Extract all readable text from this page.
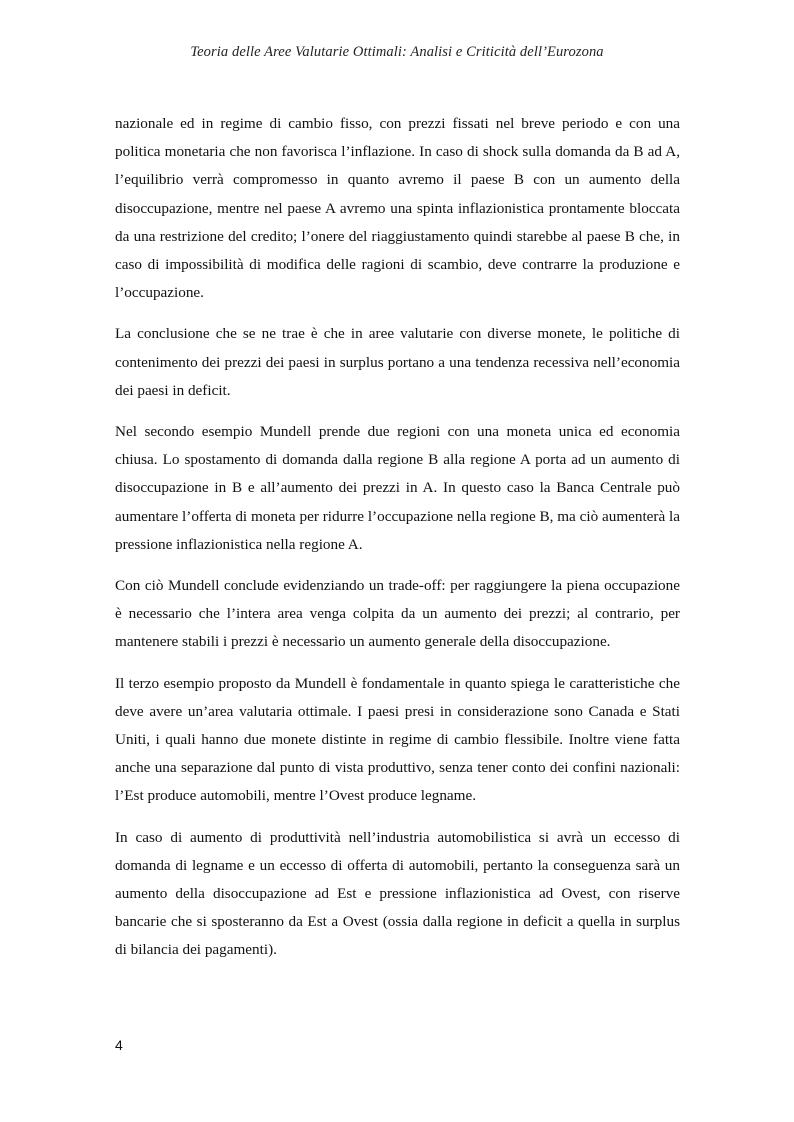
Teoria delle Aree Valutarie Ottimali: Analisi e Criticità dell’Eurozona

nazionale ed in regime di cambio fisso, con prezzi fissati nel breve periodo e con una politica monetaria che non favorisca l’inflazione. In caso di shock sulla domanda da B ad A, l’equilibrio verrà compromesso in quanto avremo il paese B con un aumento della disoccupazione, mentre nel paese A avremo una spinta inflazionistica prontamente bloccata da una restrizione del credito; l’onere del riaggiustamento quindi starebbe al paese B che, in caso di impossibilità di modifica delle ragioni di scambio, deve contrarre la produzione e l’occupazione.

La conclusione che se ne trae è che in aree valutarie con diverse monete, le politiche di contenimento dei prezzi dei paesi in surplus portano a una tendenza recessiva nell’economia dei paesi in deficit.

Nel secondo esempio Mundell prende due regioni con una moneta unica ed economia chiusa. Lo spostamento di domanda dalla regione B alla regione A porta ad un aumento di disoccupazione in B e all’aumento dei prezzi in A. In questo caso la Banca Centrale può aumentare l’offerta di moneta per ridurre l’occupazione nella regione B, ma ciò aumenterà la pressione inflazionistica nella regione A.

Con ciò Mundell conclude evidenziando un trade-off: per raggiungere la piena occupazione è necessario che l’intera area venga colpita da un aumento dei prezzi; al contrario, per mantenere stabili i prezzi è necessario un aumento generale della disoccupazione.

Il terzo esempio proposto da Mundell è fondamentale in quanto spiega le caratteristiche che deve avere un’area valutaria ottimale. I paesi presi in considerazione sono Canada e Stati Uniti, i quali hanno due monete distinte in regime di cambio flessibile. Inoltre viene fatta anche una separazione dal punto di vista produttivo, senza tener conto dei confini nazionali: l’Est produce automobili, mentre l’Ovest produce legname.

In caso di aumento di produttività nell’industria automobilistica si avrà un eccesso di domanda di legname e un eccesso di offerta di automobili, pertanto la conseguenza sarà un aumento della disoccupazione ad Est e pressione inflazionistica ad Ovest, con riserve bancarie che si sposteranno da Est a Ovest (ossia dalla regione in deficit a quella in surplus di bilancia dei pagamenti).

4
